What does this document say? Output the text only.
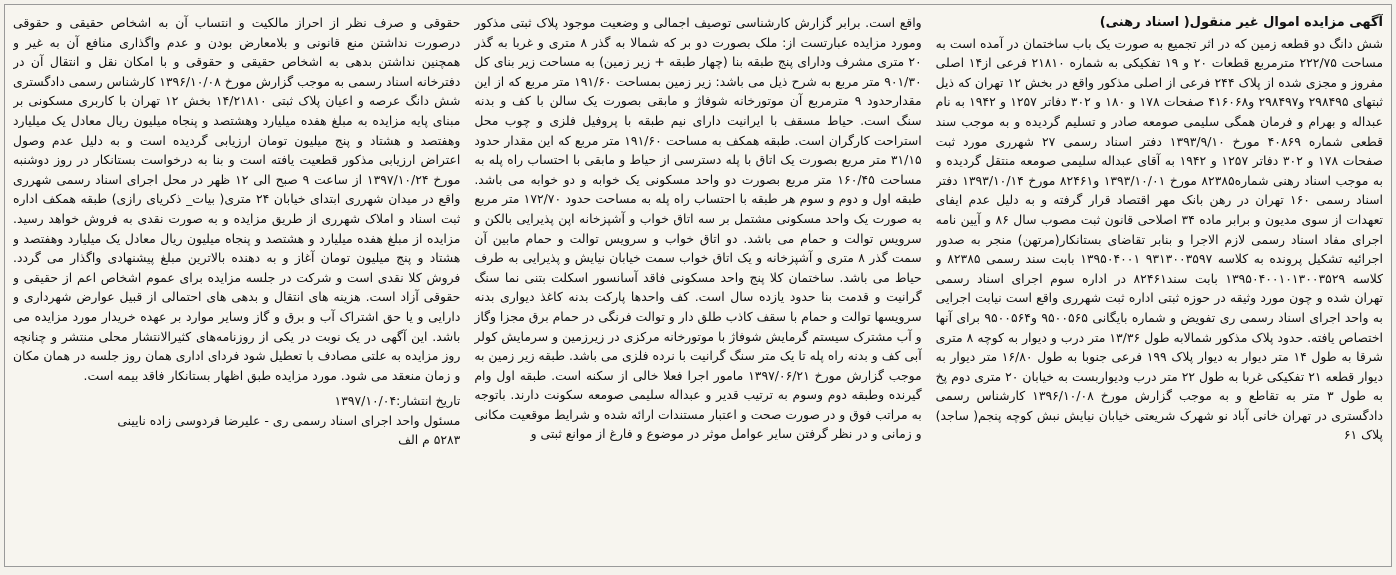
آگهی مزایده اموال غیر منقول( اسناد رهنی)

شش دانگ دو قطعه زمین که در اثر تجمیع به صورت یک باب ساختمان در آمده است به مساحت ۲۲۲/۷۵ مترمربع قطعات ۲۰ و ۱۹ تفکیکی به شماره ۲۱۸۱۰ فرعی از۱۴ اصلی مفروز و مجزی شده از پلاک ۲۴۴ فرعی از اصلی مذکور واقع در بخش ۱۲ تهران که ذیل ثبتهای ۲۹۸۴۹۵ و۲۹۸۴۹۷ و۴۱۶۰۶۸ صفحات ۱۷۸ و ۱۸۰ و ۳۰۲ دفاتر ۱۲۵۷ و ۱۹۴۲ به نام عبداله و بهرام و فرمان همگی سلیمی صومعه صادر و تسلیم گردیده و به موجب سند قطعی شماره ۴۰۸۶۹ مورخ ۱۳۹۳/۹/۱۰ دفتر اسناد رسمی ۲۷ شهرری مورد ثبت صفحات ۱۷۸ و ۳۰۲ دفاتر ۱۲۵۷ و ۱۹۴۲ به آقای عبداله سلیمی صومعه منتقل گردیده و به موجب اسناد رهنی شماره۸۲۳۸۵ مورخ ۱۳۹۳/۱۰/۰۱ و۸۲۴۶۱ مورخ ۱۳۹۳/۱۰/۱۴ دفتر اسناد رسمی ۱۶۰ تهران در رهن بانک مهر اقتصاد قرار گرفته و به دلیل عدم ایفای تعهدات از سوی مدیون و برابر ماده ۳۴ اصلاحی قانون ثبت مصوب سال ۸۶ و آیین نامه اجرای مفاد اسناد رسمی لازم الاجرا و بنابر تقاضای بستانکار(مرتهن) منجر به صدور اجرائیه تشکیل پرونده به کلاسه ۹۳۱۳۰۰۳۵۹۷ ۱۳۹۵۰۴۰۰۱ بابت سند رسمی ۸۲۳۸۵ و کلاسه ۱۳۹۵۰۴۰۰۱۰۱۳۰۰۳۵۲۹ بابت سند۸۲۴۶۱ در اداره سوم اجرای اسناد رسمی تهران شده و چون مورد وثیقه در حوزه ثبتی اداره ثبت شهرری واقع است نیابت اجرایی به واحد اجرای اسناد رسمی ری تفویض و شماره بایگانی ۹۵۰۰۵۶۵ و۹۵۰۰۵۶۴ برای آنها اختصاص یافته. حدود پلاک مذکور شمالابه طول ۱۳/۳۶ متر درب و دیوار به کوچه ۸ متری شرقا به طول ۱۴ متر دیوار به دیوار پلاک ۱۹۹ فرعی جنوبا به طول ۱۶/۸۰ متر دیوار به دیوار قطعه ۲۱ تفکیکی غربا به طول ۲۲ متر درب ودیواربست به خیابان ۲۰ متری دوم پخ به طول ۳ متر به تقاطع و به موجب گزارش مورخ ۱۳۹۶/۱۰/۰۸ کارشناس رسمی دادگستری در تهران خانی آباد نو شهرک شریعتی خیابان نیایش نبش کوچه پنجم( ساجد) پلاک ۶۱

واقع است. برابر گزارش کارشناسی توصیف اجمالی و وضعیت موجود پلاک ثبتی مذکور ومورد مزایده عبارتست از: ملک بصورت دو بر که شمالا به گذر ۸ متری و غربا به گذر ۲۰ متری مشرف ودارای پنج طبقه بنا (چهار طبقه + زیر زمین) به مساحت زیر بنای کل ۹۰۱/۳۰ متر مربع به شرح ذیل می باشد: زیر زمین بمساحت ۱۹۱/۶۰ متر مربع که از این مقدارحدود ۹ مترمربع آن موتورخانه شوفاژ و مابقی بصورت یک سالن با کف و بدنه سنگ است. حیاط مسقف با ایرانیت دارای نیم طبقه با پروفیل فلزی و چوب محل استراحت کارگران است. طبقه همکف به مساحت ۱۹۱/۶۰ متر مربع که این مقدار حدود ۳۱/۱۵ متر مربع بصورت یک اتاق با پله دسترسی از حیاط و مابقی با احتساب راه پله به مساحت ۱۶۰/۴۵ متر مربع بصورت دو واحد مسکونی یک خوابه و دو خوابه می باشد. طبقه اول و دوم و سوم هر طبقه با احتساب راه پله به مساحت حدود ۱۷۲/۷۰ متر مربع به صورت یک واحد مسکونی مشتمل بر سه اتاق خواب و آشپزخانه اپن پذیرایی بالکن و سرویس توالت و حمام می باشد. دو اتاق خواب و سرویس توالت و حمام مابین آن سمت گذر ۸ متری و آشپزخانه و یک اتاق خواب سمت خیابان نیایش و پذیرایی به طرف حیاط می باشد. ساختمان کلا پنج واحد مسکونی فاقد آسانسور اسکلت بتنی نما سنگ گرانیت و قدمت بنا حدود یازده سال است. کف واحدها پارکت بدنه کاغذ دیواری بدنه سرویسها توالت و حمام با سقف کاذب طلق دار و توالت فرنگی در حمام برق مجزا وگاز و آب مشترک سیستم گرمایش شوفاژ با موتورخانه مرکزی در زیرزمین و سرمایش کولر آبی کف و بدنه راه پله تا یک متر سنگ گرانیت با نرده فلزی می باشد. طبقه زیر زمین به موجب گزارش مورخ ۱۳۹۷/۰۶/۲۱ مامور اجرا فعلا خالی از سکنه است. طبقه اول وام گیرنده وطبقه دوم وسوم به ترتیب قدیر و عبداله سلیمی صومعه سکونت دارند. باتوجه به مراتب فوق و در صورت صحت و اعتبار مستندات ارائه شده و شرایط موقعیت مکانی و زمانی و در نظر گرفتن سایر عوامل موثر در موضوع و فارغ از موانع ثبتی و

حقوقی و صرف نظر از احراز مالکیت و انتساب آن به اشخاص حقیقی و حقوقی درصورت نداشتن منع قانونی و بلامعارض بودن و عدم واگذاری منافع آن به غیر و همچنین نداشتن بدهی به اشخاص حقیقی و حقوقی و با امکان نقل و انتقال آن در دفترخانه اسناد رسمی به موجب گزارش مورخ ۱۳۹۶/۱۰/۰۸ کارشناس رسمی دادگستری شش دانگ عرصه و اعیان پلاک ثبتی ۱۴/۲۱۸۱۰ بخش ۱۲ تهران با کاربری مسکونی بر مبنای پایه مزایده به مبلغ هفده میلیارد وهشتصد و پنجاه میلیون ریال معادل یک میلیارد وهفتصد و هشتاد و پنج میلیون تومان ارزیابی گردیده است و به دلیل عدم وصول اعتراض ارزیابی مذکور قطعیت یافته است و بنا به درخواست بستانکار در روز دوشنبه مورخ ۱۳۹۷/۱۰/۲۴ از ساعت ۹ صبح الی ۱۲ ظهر در محل اجرای اسناد رسمی شهرری واقع در میدان شهرری ابتدای خیابان ۲۴ متری( بیات_ ذکریای رازی) طبقه همکف اداره ثبت اسناد و املاک شهرری از طریق مزایده و به صورت نقدی به فروش خواهد رسید. مزایده از مبلغ هفده میلیارد و هشتصد و پنجاه میلیون ریال معادل یک میلیارد وهفتصد و هشتاد و پنج میلیون تومان آغاز و به دهنده بالاترین مبلغ پیشنهادی واگذار می گردد. فروش کلا نقدی است و شرکت در جلسه مزایده برای عموم اشخاص اعم از حقیقی و حقوقی آزاد است. هزینه های انتقال و بدهی های احتمالی از قبیل عوارض شهرداری و دارایی و یا حق اشتراک آب و برق و گاز وسایر موارد بر عهده خریدار مورد مزایده می باشد. این آگهی در یک نوبت در یکی از روزنامه‌های کثیرالانتشار محلی منتشر و چنانچه روز مزایده به علتی مصادف با تعطیل شود فردای اداری همان روز جلسه در همان مکان و زمان منعقد می شود. مورد مزایده طبق اظهار بستانکار فاقد بیمه است.

تاریخ انتشار:۱۳۹۷/۱۰/۰۴
مسئول واحد اجرای اسناد رسمی ری - علیرضا فردوسی زاده نایینی
۵۲۸۳ م الف
